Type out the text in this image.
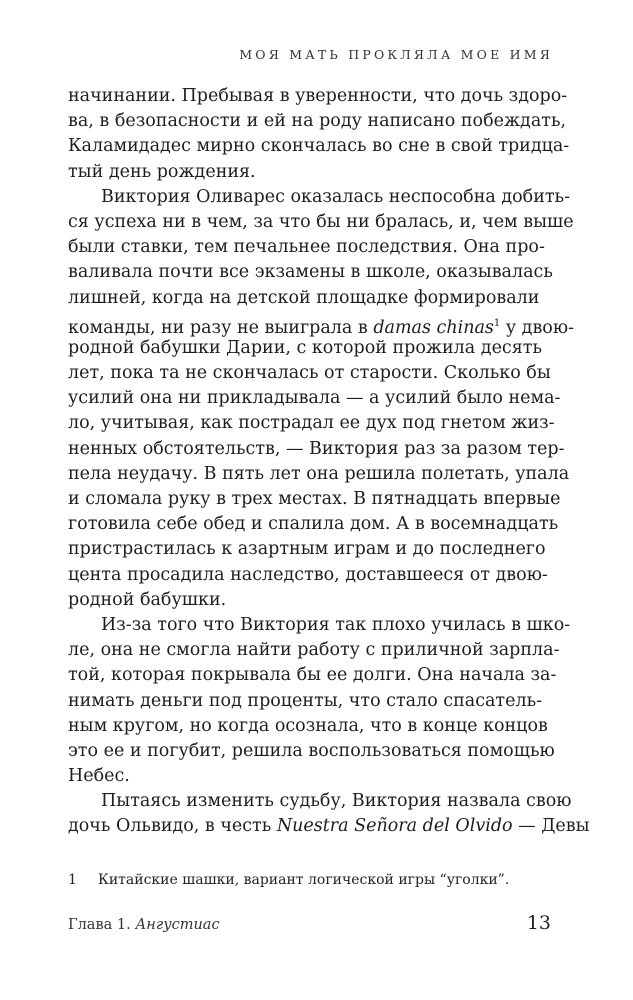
МОЯ МАТЬ ПРОКЛЯЛА МОЕ ИМЯ
начинании. Пребывая в уверенности, что дочь здоро-
ва, в безопасности и ей на роду написано побеждать,
Каламидадес мирно скончалась во сне в свой тридца-
тый день рождения.
Виктория Оливарес оказалась неспособна добить-
ся успеха ни в чем, за что бы ни бралась, и, чем выше
были ставки, тем печальнее последствия. Она про-
валивала почти все экзамены в школе, оказывалась
лишней, когда на детской площадке формировали
команды, ни разу не выиграла в damas chinas$^1$ у двою-
родной бабушки Дарии, с которой прожила десять
лет, пока та не скончалась от старости. Сколько бы
усилий она ни прикладывала — а усилий было нема-
ло, учитывая, как пострадал ее дух под гнетом жиз-
ненных обстоятельств, — Виктория раз за разом тер-
пела неудачу. В пять лет она решила полетать, упала
и сломала руку в трех местах. В пятнадцать впервые
готовила себе обед и спалила дом. А в восемнадцать
пристрастилась к азартным играм и до последнего
цента просадила наследство, доставшееся от двою-
родной бабушки.
Из-за того что Виктория так плохо училась в шко-
ле, она не смогла найти работу с приличной зарпла-
той, которая покрывала бы ее долги. Она начала за-
нимать деньги под проценты, что стало спасатель-
ным кругом, но когда осознала, что в конце концов
это ее и погубит, решила воспользоваться помощью
Небес.
Пытаясь изменить судьбу, Виктория назвала свою
дочь Ольвидо, в честь Nuestra Señora del Olvido — Девы
1 Китайские шашки, вариант логической игры “уголки”.
Глава 1. Ангустиас	13
